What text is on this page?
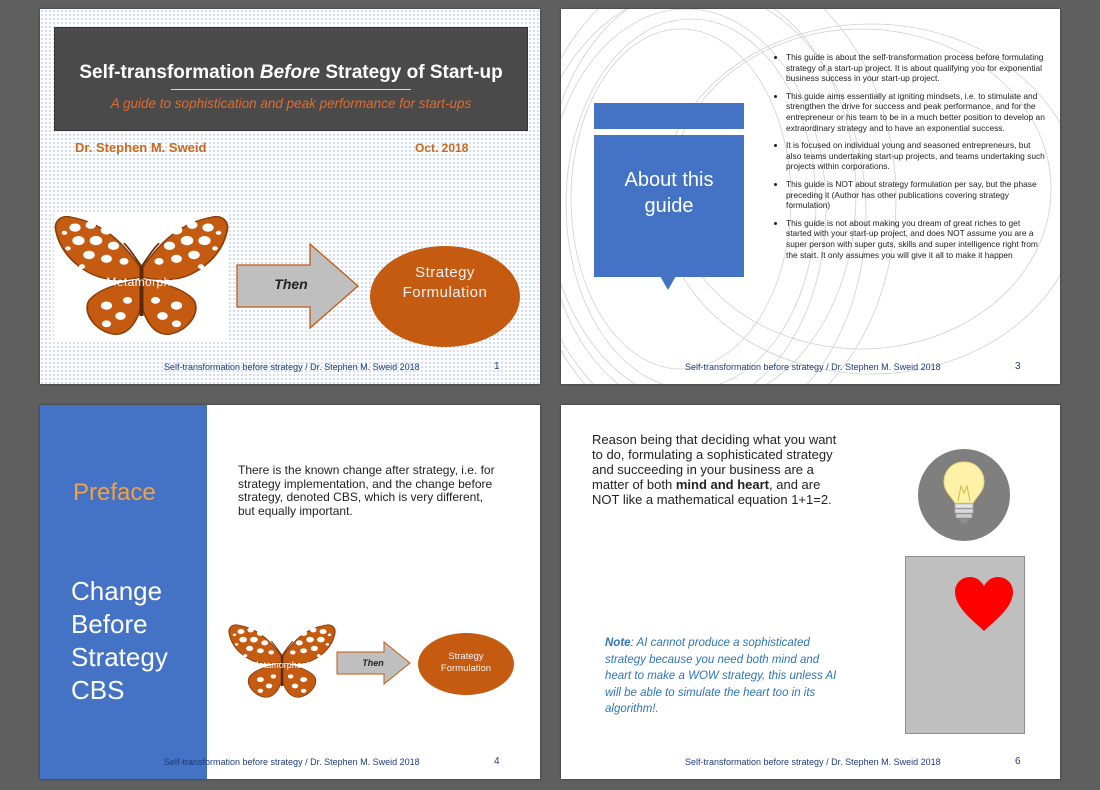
Self-transformation Before Strategy of Start-up
A guide to sophistication and peak performance for start-ups
Dr. Stephen M. Sweid	Oct. 2018
Metamorphosis	Then
Strategy
Formulation
Self-transformation before strategy / Dr. Stephen M. Sweid 2018	1
About this
guide
• This guide is about the self-transformation process before formulating strategy of a start-up project. It is about qualifying you for exponential business success in your start-up project.
• This guide aims essentially at igniting mindsets, i.e. to stimulate and strengthen the drive for success and peak performance, and for the entrepreneur or his team to be in a much better position to develop an extraordinary strategy and to have an exponential success.
• It is focused on individual young and seasoned entrepreneurs, but also teams undertaking start-up projects, and teams undertaking such projects within corporations.
• This guide is NOT about strategy formulation per say, but the phase preceding it (Author has other publications covering strategy formulation)
• This guide is not about making you dream of great riches to get started with your start-up project, and does NOT assume you are a super person with super guts, skills and super intelligence right from the start. It only assumes you will give it all to make it happen
Self-transformation before strategy / Dr. Stephen M. Sweid 2018	3
Preface
Change
Before
Strategy
CBS
There is the known change after strategy, i.e. for strategy implementation, and the change before strategy, denoted CBS, which is very different, but equally important.
Metamorphosis	Then
Strategy
Formulation
Self-transformation before strategy / Dr. Stephen M. Sweid 2018	4
Reason being that deciding what you want to do, formulating a sophisticated strategy and succeeding in your business are a matter of both mind and heart, and are NOT like a mathematical equation 1+1=2.
Note: AI cannot produce a sophisticated strategy because you need both mind and heart to make a WOW strategy, this unless AI will be able to simulate the heart too in its algorithm!.
Self-transformation before strategy / Dr. Stephen M. Sweid 2018	6
